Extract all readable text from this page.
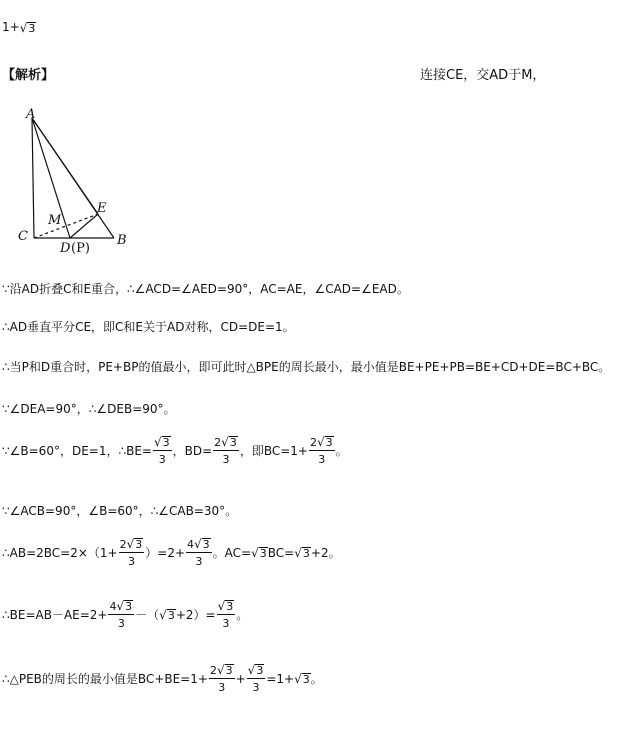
1+ √ 3
【解析】	连接CE，交AD于M，
A
C
M
E
D (P)
B
∵沿AD折叠C和E重合，∴∠ACD=∠AED=90°，AC=AE，∠CAD=∠EAD。
∴AD垂直平分CE，即C和E关于AD对称，CD=DE=1。
∴当P和D重合时，PE+BP的值最小，即可此时△BPE的周长最小，最小值是BE+PE+PB=BE+CD+DE=BC+BC。
∵∠DEA=90°，∴∠DEB=90°。
∵∠B=60°，DE=1，∴BE= $\frac{√ 3}{3}$ ，$BD= \frac{2 √ 3}{3}$ ，即$BC=1+ \frac{2 √ 3}{3}$ 。
∵∠ACB=90°，∠B=60°，∴∠CAB=30°。
∴AB=2BC=2×（1+ $\frac{2 √ 3}{3} )=2+ \frac{4 √ 3}{3}$ 。AC= √ 3 BC= √ 3 +2。
∴BE=AB－AE=2+ $\frac{4 √ 3}{3}$ －（ √ $3 +2)= \frac{√ 3}{3}$ 。
∴△PEB的周长的最小值是$BC+BE=1+ \frac{2 √ 3}{3} + \frac{√ 3}{3} =1+$ √ 3 。
